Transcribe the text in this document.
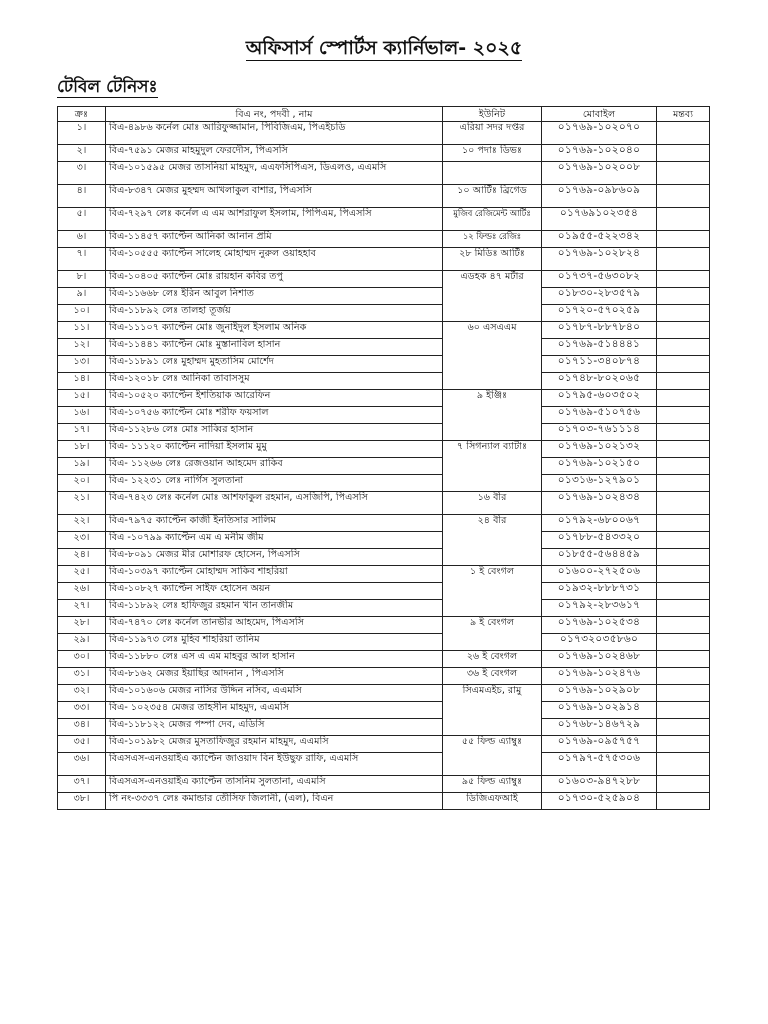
অফিসার্স স্পোর্টস ক্যার্নিভাল- ২০২৫
টেবিল টেনিসঃ
ক্রঃ	বিএ নং, পদবী , নাম	ইউনিট	মোবাইল	মন্তব্য
১।	বিএ-৪৯৮৬ কর্নেল মোঃ আরিফুজ্জামান, পিবিজিএম, পিএইচডি	এরিয়া সদর দপ্তর	০১৭৬৯-১০২০৭০	
২।	বিএ-৭৫৯১ মেজর মাহমুদুল ফেরদৌস, পিএসসি	১০ পদাঃ ডিভঃ	০১৭৬৯-১০২০৪০	
৩।	বিএ-১০১৫৯৫ মেজর তাসনিয়া মাহমুদ, এএফসিপিএস, ডিএলও, এএমসি		০১৭৬৯-১০২০০৮	
৪।	বিএ-৮৩৪৭ মেজর মুহম্মদ আখলাকুল বাশার, পিএসসি	১০ আর্টিঃ ব্রিগেড	০১৭৬৯-০৯৮৬০৯	
৫।	বিএ-৭২৯৭ লেঃ কর্নেল এ এম আশরাফুল ইসলাম, পিপিএম, পিএসসি	মুজিব রেজিমেন্ট আর্টিঃ	০১৭৬৯১০২৩৫৪	
৬।	বিএ-১১৪৫৭ ক্যাপ্টেন আনিকা আনান প্রমি	১২ ফিল্ডঃ রেজিঃ	০১৯৫৫-৫২২৩৪২	
৭।	বিএ-১০৫৫৫ ক্যাপ্টেন সালেহ মোহাম্মদ নুরুল ওয়াহহাব	২৮ মিডিঃ আর্টিঃ	০১৭৬৯-১০২৮২৪	
৮।	বিএ-১০৪০৫ ক্যাপ্টেন মোঃ রায়হান কবির তপু	এডহক ৪৭ মর্টার	০১৭৩৭-৫৬৩০৮২	
৯।	বিএ-১১৬৬৮ লেঃ ইরিন আবুল নিশাত		০১৮৩০-২৮৩৫৭৯	
১০।	বিএ-১১৮৯২ লেঃ তালহা তূর্জয়		০১৭২০-৫৭০২৫৯	
১১।	বিএ-১১১০৭ ক্যাপ্টেন মোঃ জুনাইদুল ইসলাম অনিক	৬০ এসএএম	০১৭৮৭-৮৮৭৮৪০	
১২।	বিএ-১১৪৪১ ক্যাপ্টেন মোঃ মুস্তানাবিল হাসান		০১৭৬৯-৫১৪৪৪১	
১৩।	বিএ-১১৮৯১ লেঃ মুহাম্মদ মুহতাসিম মোর্শেদ		০১৭১১-৩৪০৮৭৪	
১৪।	বিএ-১২০১৮ লেঃ আনিকা তাবাসসুম		০১৭৪৮-৮০২০৬৫	
১৫।	বিএ-১০৫২০ ক্যাপ্টেন ইশতিয়াক আরেফিন	৯ ইঞ্জিঃ	০১৭৯৫-৬০৩৫০২	
১৬।	বিএ-১০৭৫৬ ক্যাপ্টেন মোঃ শরীফ ফয়সাল		০১৭৬৯-৫১০৭৫৬	
১৭।	বিএ-১১২৮৬ লেঃ মোঃ সাব্বির হাসান		০১৭০৩-৭৬১১১৪	
১৮।	বিএ- ১১১২০ ক্যাপ্টেন নাদিয়া ইসলাম মুমু	৭ সিগন্যাল ব্যাটাঃ	০১৭৬৯-১০২১৩২	
১৯।	বিএ- ১১২৬৬ লেঃ রেজওয়ান আহমেদ রাকিব		০১৭৬৯-১০২১৫০	
২০।	বিএ- ১২২৩১ লেঃ নার্গিস সুলতানা		০১৩১৬-১২৭৯০১	
২১।	বিএ-৭৪২৩ লেঃ কর্নেল মোঃ আশফাকুল রহমান, এসজিপি, পিএসসি	১৬ বীর	০১৭৬৯-১০২৪৩৪	
২২।	বিএ-৭৯৭৫ ক্যাপ্টেন কাজী ইনতিসার সালিম	২৪ বীর	০১৭৯২-৬৮০০৬৭	
২৩।	বিএ -১০৭৯৯ ক্যাপ্টেন এম এ মনীম জীম		০১৭৮৮-৫৪৩৩২০	
২৪।	বিএ-৮০৯১ মেজর মীর মোশারফ হোসেন, পিএসসি		০১৮৫৫-৫৬৪৪৫৯	
২৫।	বিএ-১০৩৯৭ ক্যাপ্টেন মোহাম্মদ সাকিব শাহরিয়া	১ ই বেংগল	০১৬০০-২৭২৫০৬	
২৬।	বিএ-১০৮২৭ ক্যাপ্টেন সাইফ হোসেন অয়ন		০১৯৩২-৮৮৮৭৩১	
২৭।	বিএ-১১৮৯২ লেঃ হাফিজুর রহমান খান তানজীম		০১৭৯২-২৮৩৬১৭	
২৮।	বিএ-৭৪৭০ লেঃ কর্নেল তানভীর আহমেদ, পিএসসি	৯ ই বেংগল	০১৭৬৯-১০২৫৩৪	
২৯।	বিএ-১১৯৭৩ লেঃ মুহিব শাহরিয়া তানিম		০১৭৩২০৩৫৮৬০	
৩০।	বিএ-১১৮৮০ লেঃ এস এ এম মাহবুর আল হাসান	২৬ ই বেংগল	০১৭৬৯-১০২৪৬৮	
৩১।	বিএ-৮১৬২ মেজর ইয়াছির আদনান , পিএসসি	৩৬ ই বেংগল	০১৭৬৯-১০২৪৭৬	
৩২।	বিএ-১০১৬০৬ মেজর নাসির উদ্দিন নসিব, এএমসি	সিএমএইচ, রামু	০১৭৬৯-১০২৯০৮	
৩৩।	বিএ- ১০২৩৫৪ মেজর তাহসীন মাহমুদ, এএমসি		০১৭৬৯-১০২৯১৪	
৩৪।	বিএ-১১৮১২২ মেজর পম্পা দেব, এডিসি		০১৭৬৮-১৪৬৭২৯	
৩৫।	বিএ-১০১৯৮২ মেজর মুসতাফিজুর রহমান মাহমুদ, এএমসি	৫৫ ফিল্ড এ্যাম্বুঃ	০১৭৬৯-০৯৫৭৫৭	
৩৬।	বিএসএস-এনওয়াইএ ক্যাপ্টেন জাওয়াদ বিন ইউছুফ রাফি, এএমসি		০১৭৯৭-৫৭৫৩০৬	
৩৭।	বিএসএস-এনওয়াইএ ক্যাপ্টেন তাসনিম সুলতানা, এএমসি	৯৫ ফিল্ড এ্যাম্বুঃ	০১৬০৩-৯৪৭২৮৮	
৩৮।	পি নং-৩৩৩৭ লেঃ কমান্ডার তৌসিফ জিলানী, (এল), বিএন	ডিজিএফআই	০১৭৩০-৫২৫৯০৪	
